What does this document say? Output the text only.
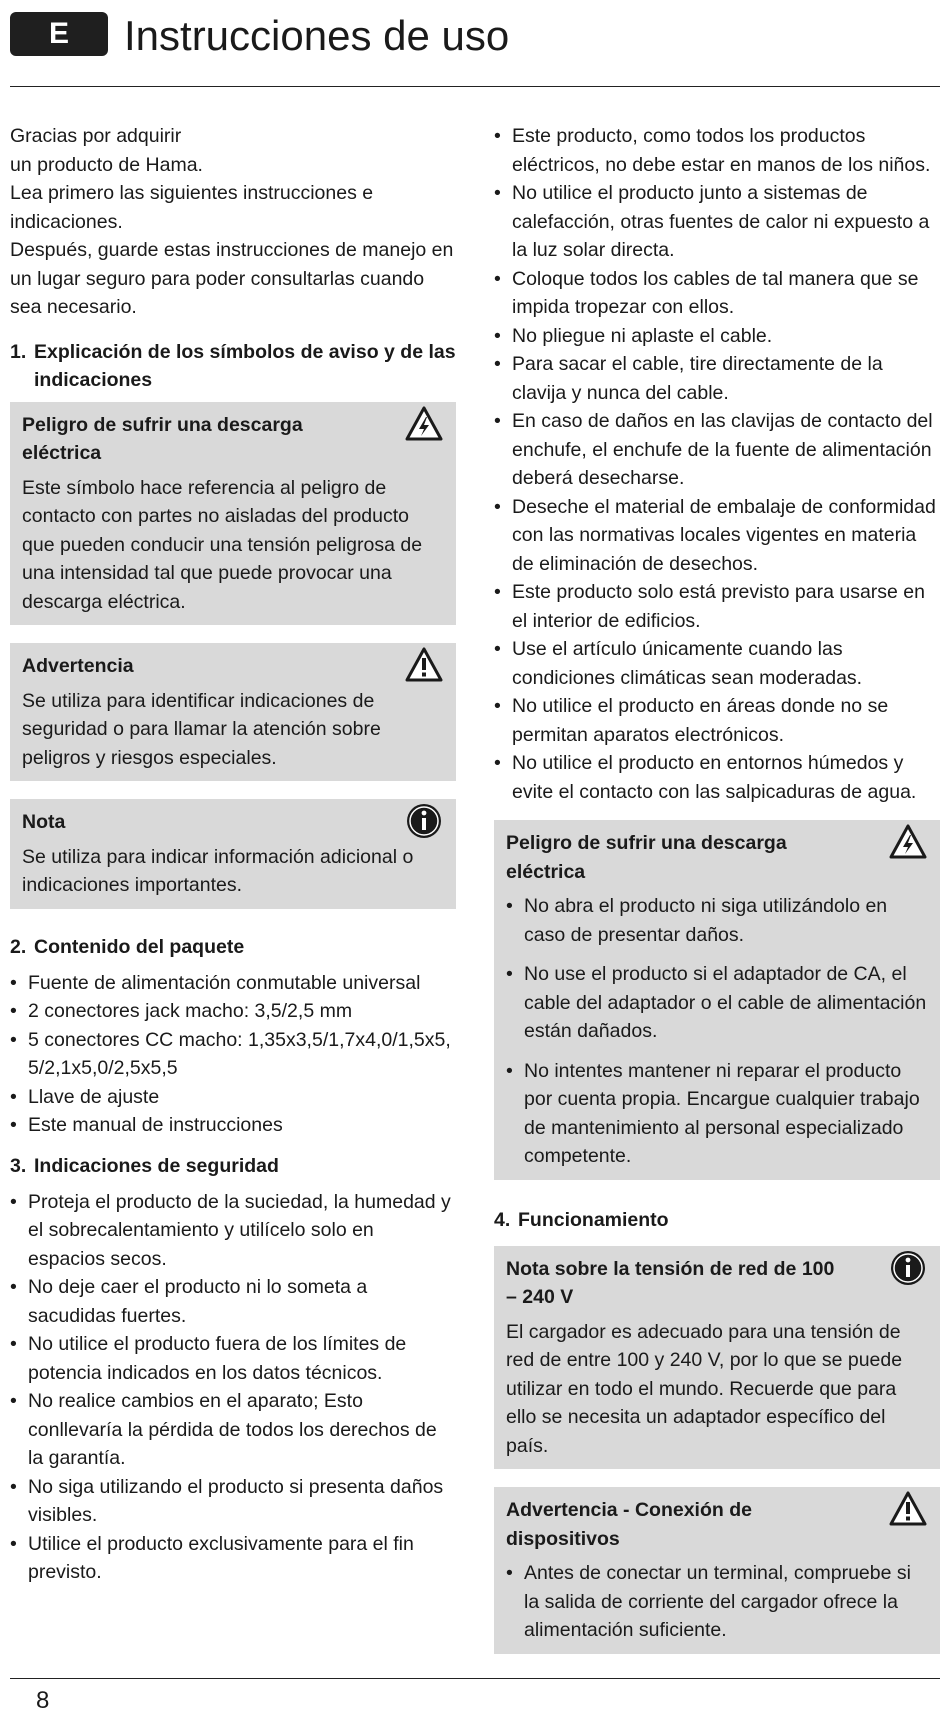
E	Instrucciones de uso

Gracias por adquirir

un producto de Hama.

Lea primero las siguientes instrucciones e indicaciones.

Después, guarde estas instrucciones de manejo en un lugar seguro para poder consultarlas cuando sea necesario.

1. Explicación de los símbolos de aviso y de las indicaciones
Peligro de sufrir una descarga eléctrica

Este símbolo hace referencia al peligro de contacto con partes no aisladas del producto que pueden conducir una tensión peligrosa de una intensidad tal que puede provocar una descarga eléctrica.

Advertencia

Se utiliza para identificar indicaciones de seguridad o para llamar la atención sobre peligros y riesgos especiales.

Nota

Se utiliza para indicar información adicional o indicaciones importantes.

2. Contenido del paquete
• Fuente de alimentación conmutable universal
• 2 conectores jack macho: 3,5/2,5 mm
• 5 conectores CC macho: 1,35x3,5/1,7x4,0/1,5x5, 5/2,1x5,0/2,5x5,5
• Llave de ajuste
• Este manual de instrucciones
3. Indicaciones de seguridad
• Proteja el producto de la suciedad, la humedad y el sobrecalentamiento y utilícelo solo en espacios secos.
• No deje caer el producto ni lo someta a sacudidas fuertes.
• No utilice el producto fuera de los límites de potencia indicados en los datos técnicos.
• No realice cambios en el aparato; Esto conllevaría la pérdida de todos los derechos de la garantía.
• No siga utilizando el producto si presenta daños visibles.
• Utilice el producto exclusivamente para el fin previsto.
• Este producto, como todos los productos eléctricos, no debe estar en manos de los niños.
• No utilice el producto junto a sistemas de calefacción, otras fuentes de calor ni expuesto a la luz solar directa.
• Coloque todos los cables de tal manera que se impida tropezar con ellos.
• No pliegue ni aplaste el cable.
• Para sacar el cable, tire directamente de la clavija y nunca del cable.
• En caso de daños en las clavijas de contacto del enchufe, el enchufe de la fuente de alimentación deberá desecharse.
• Deseche el material de embalaje de conformidad con las normativas locales vigentes en materia de eliminación de desechos.
• Este producto solo está previsto para usarse en el interior de edificios.
• Use el artículo únicamente cuando las condiciones climáticas sean moderadas.
• No utilice el producto en áreas donde no se permitan aparatos electrónicos.
• No utilice el producto en entornos húmedos y evite el contacto con las salpicaduras de agua.
Peligro de sufrir una descarga eléctrica
• No abra el producto ni siga utilizándolo en caso de presentar daños.
• No use el producto si el adaptador de CA, el cable del adaptador o el cable de alimentación están dañados.
• No intentes mantener ni reparar el producto por cuenta propia. Encargue cualquier trabajo de mantenimiento al personal especializado competente.
4. Funcionamiento
Nota sobre la tensión de red de 100 – 240 V

El cargador es adecuado para una tensión de red de entre 100 y 240 V, por lo que se puede utilizar en todo el mundo. Recuerde que para ello se necesita un adaptador específico del país.

Advertencia - Conexión de dispositivos
• Antes de conectar un terminal, compruebe si la salida de corriente del cargador ofrece la alimentación suficiente.
8
